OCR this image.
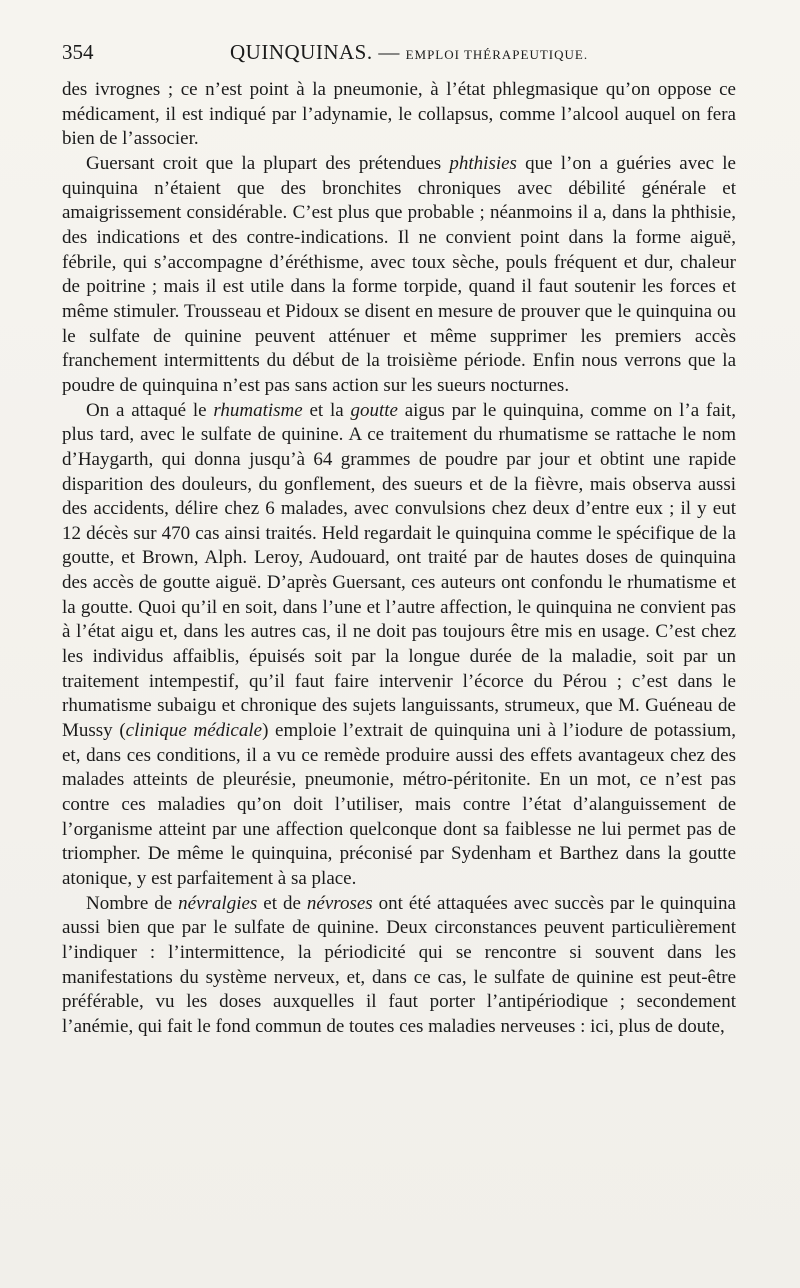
354	QUINQUINAS. — EMPLOI THÉRAPEUTIQUE.

des ivrognes ; ce n’est point à la pneumonie, à l’état phlegmasique qu’on oppose ce médicament, il est indiqué par l’adynamie, le collapsus, comme l’alcool auquel on fera bien de l’associer.

Guersant croit que la plupart des prétendues phthisies que l’on a guéries avec le quinquina n’étaient que des bronchites chroniques avec débilité générale et amaigrissement considérable. C’est plus que probable ; néanmoins il a, dans la phthisie, des indications et des contre-indications. Il ne convient point dans la forme aiguë, fébrile, qui s’accompagne d’éréthisme, avec toux sèche, pouls fréquent et dur, chaleur de poitrine ; mais il est utile dans la forme torpide, quand il faut soutenir les forces et même stimuler. Trousseau et Pidoux se disent en mesure de prouver que le quinquina ou le sulfate de quinine peuvent atténuer et même supprimer les premiers accès franchement intermittents du début de la troisième période. Enfin nous verrons que la poudre de quinquina n’est pas sans action sur les sueurs nocturnes.

On a attaqué le rhumatisme et la goutte aigus par le quinquina, comme on l’a fait, plus tard, avec le sulfate de quinine. A ce traitement du rhumatisme se rattache le nom d’Haygarth, qui donna jusqu’à 64 grammes de poudre par jour et obtint une rapide disparition des douleurs, du gonflement, des sueurs et de la fièvre, mais observa aussi des accidents, délire chez 6 malades, avec convulsions chez deux d’entre eux ; il y eut 12 décès sur 470 cas ainsi traités. Held regardait le quinquina comme le spécifique de la goutte, et Brown, Alph. Leroy, Audouard, ont traité par de hautes doses de quinquina des accès de goutte aiguë. D’après Guersant, ces auteurs ont confondu le rhumatisme et la goutte. Quoi qu’il en soit, dans l’une et l’autre affection, le quinquina ne convient pas à l’état aigu et, dans les autres cas, il ne doit pas toujours être mis en usage. C’est chez les individus affaiblis, épuisés soit par la longue durée de la maladie, soit par un traitement intempestif, qu’il faut faire intervenir l’écorce du Pérou ; c’est dans le rhumatisme subaigu et chronique des sujets languissants, strumeux, que M. Guéneau de Mussy (clinique médicale) emploie l’extrait de quinquina uni à l’iodure de potassium, et, dans ces conditions, il a vu ce remède produire aussi des effets avantageux chez des malades atteints de pleurésie, pneumonie, métro-péritonite. En un mot, ce n’est pas contre ces maladies qu’on doit l’utiliser, mais contre l’état d’alanguissement de l’organisme atteint par une affection quelconque dont sa faiblesse ne lui permet pas de triompher. De même le quinquina, préconisé par Sydenham et Barthez dans la goutte atonique, y est parfaitement à sa place.

Nombre de névralgies et de névroses ont été attaquées avec succès par le quinquina aussi bien que par le sulfate de quinine. Deux circonstances peuvent particulièrement l’indiquer : l’intermittence, la périodicité qui se rencontre si souvent dans les manifestations du système nerveux, et, dans ce cas, le sulfate de quinine est peut-être préférable, vu les doses auxquelles il faut porter l’antipériodique ; secondement l’anémie, qui fait le fond commun de toutes ces maladies nerveuses : ici, plus de doute,
